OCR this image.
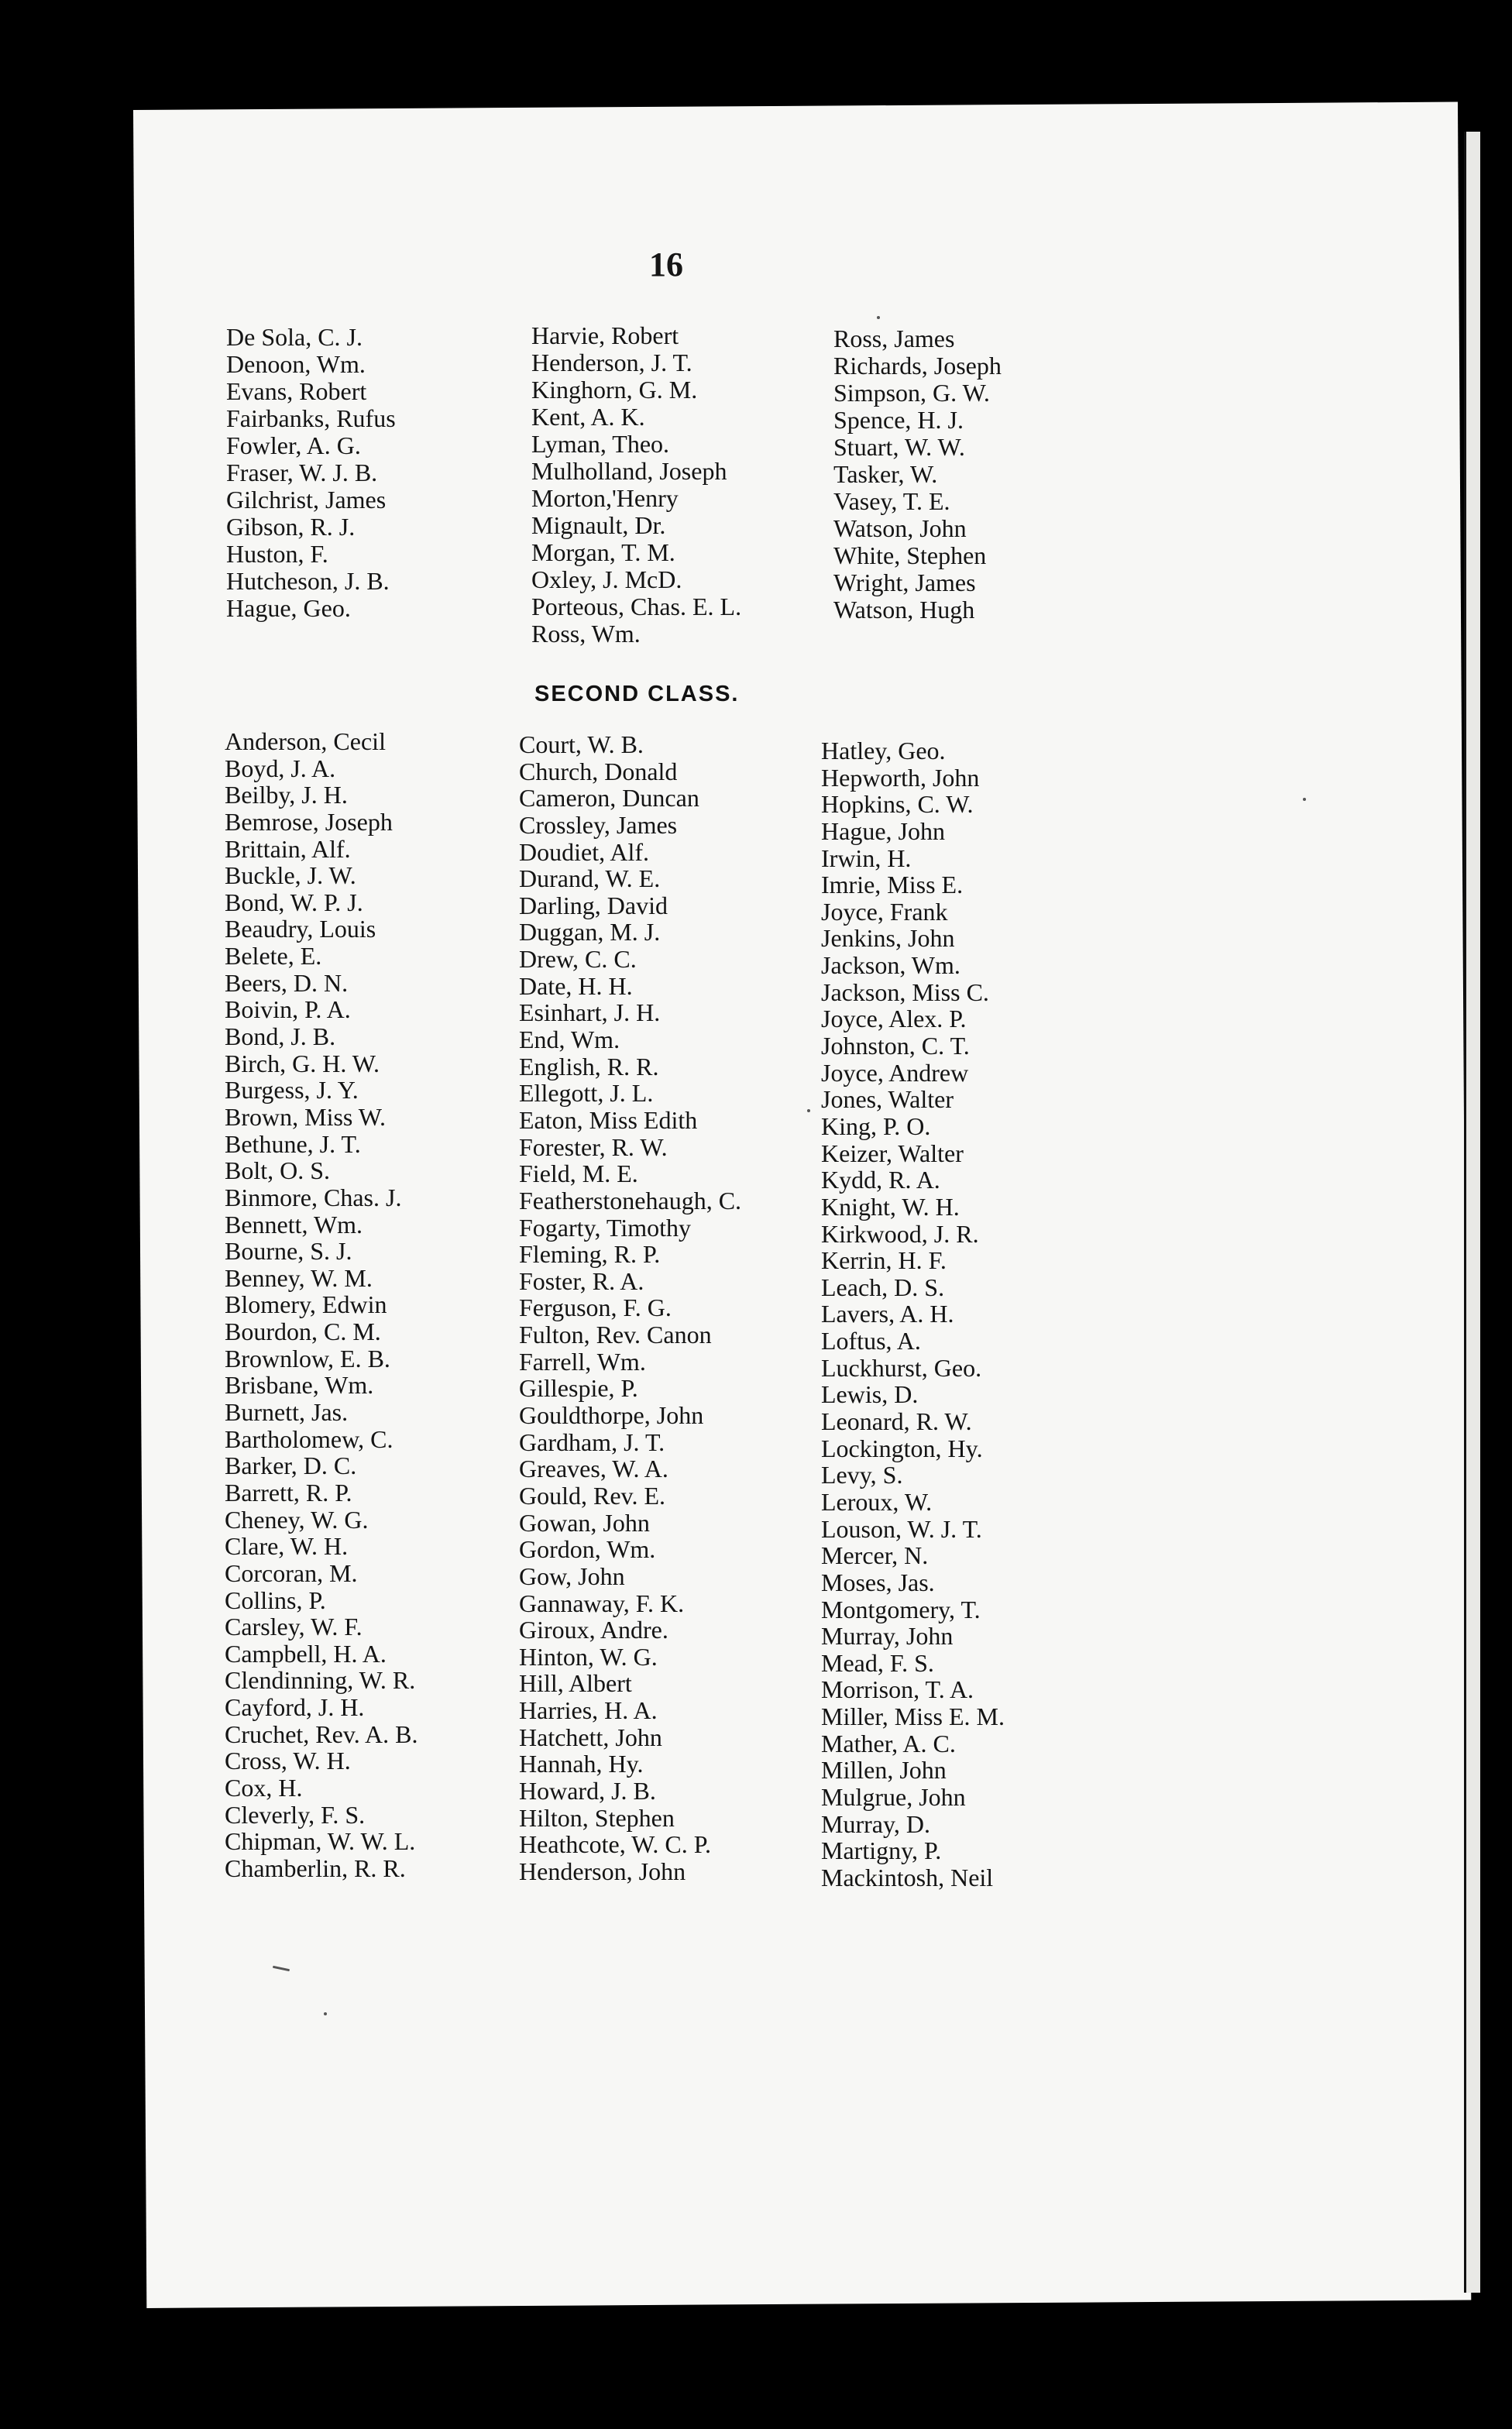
16
De Sola, C. J.
Denoon, Wm.
Evans, Robert
Fairbanks, Rufus
Fowler, A. G.
Fraser, W. J. B.
Gilchrist, James
Gibson, R. J.
Huston, F.
Hutcheson, J. B.
Hague, Geo.
Harvie, Robert
Henderson, J. T.
Kinghorn, G. M.
Kent, A. K.
Lyman, Theo.
Mulholland, Joseph
Morton,'Henry
Mignault, Dr.
Morgan, T. M.
Oxley, J. McD.
Porteous, Chas. E. L.
Ross, Wm.
Ross, James
Richards, Joseph
Simpson, G. W.
Spence, H. J.
Stuart, W. W.
Tasker, W.
Vasey, T. E.
Watson, John
White, Stephen
Wright, James
Watson, Hugh
SECOND CLASS.
Anderson, Cecil
Boyd, J. A.
Beilby, J. H.
Bemrose, Joseph
Brittain, Alf.
Buckle, J. W.
Bond, W. P. J.
Beaudry, Louis
Belete, E.
Beers, D. N.
Boivin, P. A.
Bond, J. B.
Birch, G. H. W.
Burgess, J. Y.
Brown, Miss W.
Bethune, J. T.
Bolt, O. S.
Binmore, Chas. J.
Bennett, Wm.
Bourne, S. J.
Benney, W. M.
Blomery, Edwin
Bourdon, C. M.
Brownlow, E. B.
Brisbane, Wm.
Burnett, Jas.
Bartholomew, C.
Barker, D. C.
Barrett, R. P.
Cheney, W. G.
Clare, W. H.
Corcoran, M.
Collins, P.
Carsley, W. F.
Campbell, H. A.
Clendinning, W. R.
Cayford, J. H.
Cruchet, Rev. A. B.
Cross, W. H.
Cox, H.
Cleverly, F. S.
Chipman, W. W. L.
Chamberlin, R. R.
Court, W. B.
Church, Donald
Cameron, Duncan
Crossley, James
Doudiet, Alf.
Durand, W. E.
Darling, David
Duggan, M. J.
Drew, C. C.
Date, H. H.
Esinhart, J. H.
End, Wm.
English, R. R.
Ellegott, J. L.
Eaton, Miss Edith
Forester, R. W.
Field, M. E.
Featherstonehaugh, C.
Fogarty, Timothy
Fleming, R. P.
Foster, R. A.
Ferguson, F. G.
Fulton, Rev. Canon
Farrell, Wm.
Gillespie, P.
Gouldthorpe, John
Gardham, J. T.
Greaves, W. A.
Gould, Rev. E.
Gowan, John
Gordon, Wm.
Gow, John
Gannaway, F. K.
Giroux, Andre.
Hinton, W. G.
Hill, Albert
Harries, H. A.
Hatchett, John
Hannah, Hy.
Howard, J. B.
Hilton, Stephen
Heathcote, W. C. P.
Henderson, John
Hatley, Geo.
Hepworth, John
Hopkins, C. W.
Hague, John
Irwin, H.
Imrie, Miss E.
Joyce, Frank
Jenkins, John
Jackson, Wm.
Jackson, Miss C.
Joyce, Alex. P.
Johnston, C. T.
Joyce, Andrew
Jones, Walter
King, P. O.
Keizer, Walter
Kydd, R. A.
Knight, W. H.
Kirkwood, J. R.
Kerrin, H. F.
Leach, D. S.
Lavers, A. H.
Loftus, A.
Luckhurst, Geo.
Lewis, D.
Leonard, R. W.
Lockington, Hy.
Levy, S.
Leroux, W.
Louson, W. J. T.
Mercer, N.
Moses, Jas.
Montgomery, T.
Murray, John
Mead, F. S.
Morrison, T. A.
Miller, Miss E. M.
Mather, A. C.
Millen, John
Mulgrue, John
Murray, D.
Martigny, P.
Mackintosh, Neil
